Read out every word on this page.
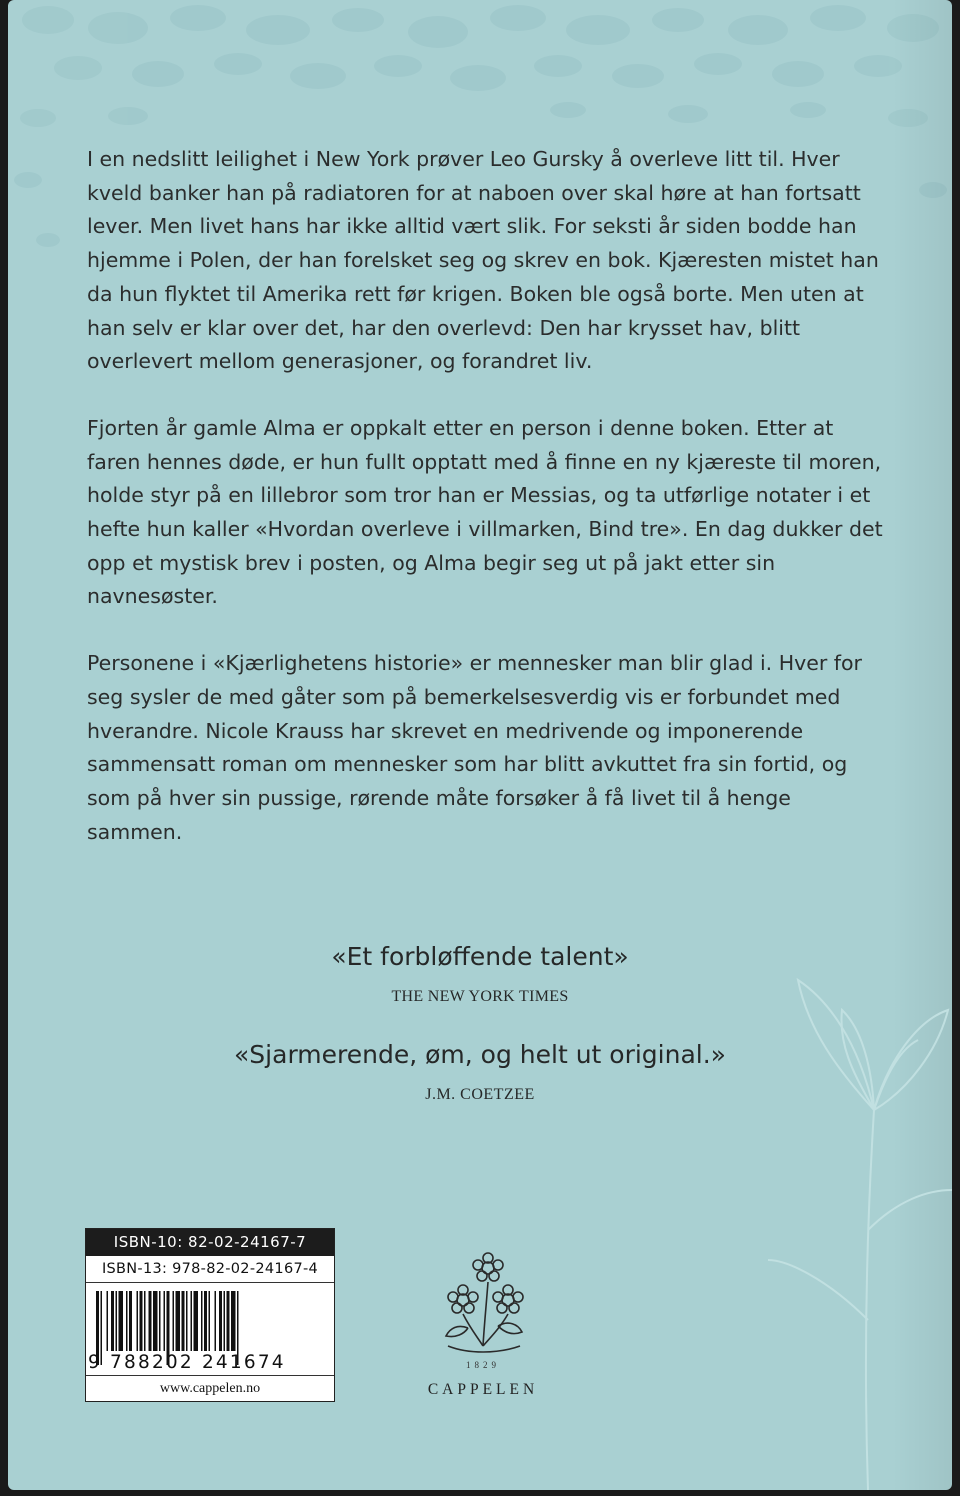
I en nedslitt leilighet i New York prøver Leo Gursky å overleve litt til. Hver kveld banker han på radiatoren for at naboen over skal høre at han fortsatt lever. Men livet hans har ikke alltid vært slik. For seksti år siden bodde han hjemme i Polen, der han forelsket seg og skrev en bok. Kjæresten mistet han da hun flyktet til Amerika rett før krigen. Boken ble også borte. Men uten at han selv er klar over det, har den overlevd: Den har krysset hav, blitt overlevert mellom generasjoner, og forandret liv.

Fjorten år gamle Alma er oppkalt etter en person i denne boken. Etter at faren hennes døde, er hun fullt opptatt med å finne en ny kjæreste til moren, holde styr på en lillebror som tror han er Messias, og ta utførlige notater i et hefte hun kaller «Hvordan overleve i villmarken, Bind tre». En dag dukker det opp et mystisk brev i posten, og Alma begir seg ut på jakt etter sin navnesøster.

Personene i «Kjærlighetens historie» er mennesker man blir glad i. Hver for seg sysler de med gåter som på bemerkelsesverdig vis er forbundet med hverandre. Nicole Krauss har skrevet en medrivende og imponerende sammensatt roman om mennesker som har blitt avkuttet fra sin fortid, og som på hver sin pussige, rørende måte forsøker å få livet til å henge sammen.

«Et forbløffende talent»
THE NEW YORK TIMES
«Sjarmerende, øm, og helt ut original.»
J.M. COETZEE
ISBN-10: 82-02-24167-7
ISBN-13: 978-82-02-24167-4
9 788202 241674
www.cappelen.no
1829
CAPPELEN
